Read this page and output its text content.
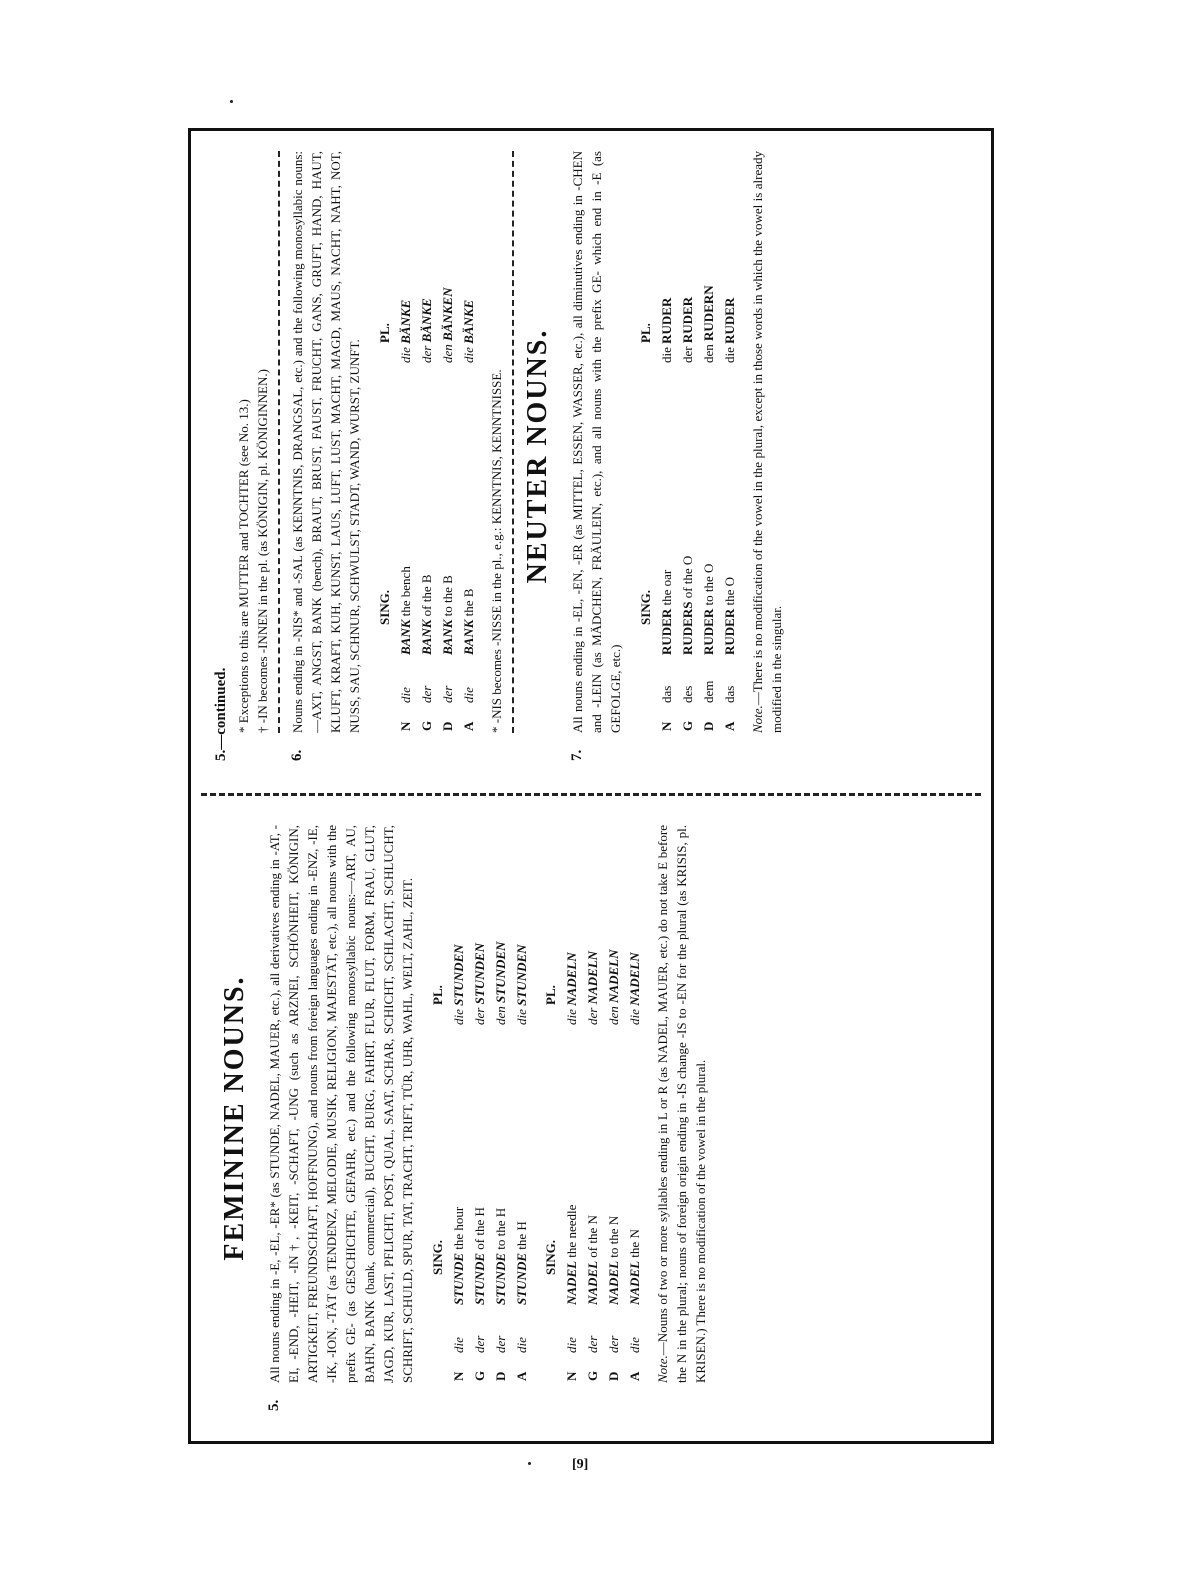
FEMININE NOUNS.
5.
All nouns ending in -E, -EL, -ER* (as STUNDE, NADEL, MAUER, etc.), all derivatives ending in -AT, -EI, -END, -HEIT, -IN†, -KEIT, -SCHAFT, -UNG (such as ARZNEI, SCHÖNHEIT, KÖNIGIN, ARTIGKEIT, FREUNDSCHAFT, HOFFNUNG), and nouns from foreign languages ending in -ENZ, -IE, -IK, -ION, -TÄT (as TENDENZ, MELODIE, MUSIK, RELIGION, MAJESTÄT, etc.), all nouns with the prefix GE- (as GESCHICHTE, GEFAHR, etc.) and the following monosyllabic nouns:—ART, AU, BAHN, BANK (bank, commercial), BUCHT, BURG, FAHRT, FLUR, FLUT, FORM, FRAU, GLUT, JAGD, KUR, LAST, PFLICHT, POST, QUAL, SAAT, SCHAR, SCHICHT, SCHLACHT, SCHLUCHT, SCHRIFT, SCHULD, SPUR, TAT, TRACHT, TRIFT, TÜR, UHR, WAHL, WELT, ZAHL, ZEIT. SING.
PL.
N
die
STUNDE the hour
die STUNDEN
G
der
STUNDE of the H
der STUNDEN
D
der
STUNDE to the H
den STUNDEN
A
die
STUNDE the H
die STUNDEN
SING.
PL.
N
die
NADEL the needle
die NADELN
G
der
NADEL of the N
der NADELN
D
der
NADEL to the N
den NADELN
A
die
NADEL the N
die NADELN
Note.—Nouns of two or more syllables ending in L or R (as NADEL, MAUER, etc.) do not take E before the N in the plural; nouns of foreign origin ending in -IS change -IS to -EN for the plural (as KRISIS, pl. KRISEN.) There is no modification of the vowel in the plural.
5.—continued. * Exceptions to this are MUTTER and TOCHTER (see No. 13.) † -IN becomes -INNEN in the pl. (as KÖNIGIN, pl. KÖNIGINNEN.)
6.
Nouns ending in -NIS* and -SAL (as KENNTNIS, DRANGSAL, etc.) and the following monosyllabic nouns:—AXT, ANGST, BANK (bench), BRAUT, BRUST, FAUST, FRUCHT, GANS, GRUFT, HAND, HAUT, KLUFT, KRAFT, KUH, KUNST, LAUS, LUFT, LUST, MACHT, MAGD, MAUS, NACHT, NAHT, NOT, NUSS, SAU, SCHNUR, SCHWULST, STADT, WAND, WURST, ZUNFT. SING.
PL.
N
die
BANK the bench
die BÄNKE
G
der
BANK of the B
der BÄNKE
D
der
BANK to the B
den BÄNKEN
A
die
BANK the B
die BÄNKE
* -NIS becomes -NISSE in the pl., e.g.: KENNTNIS, KENNTNISSE. NEUTER NOUNS.
7.
All nouns ending in -EL, -EN, -ER (as MITTEL, ESSEN, WASSER, etc.), all diminutives ending in -CHEN and -LEIN (as MÄDCHEN, FRÄULEIN, etc.), and all nouns with the prefix GE- which end in -E (as GEFOLGE, etc.)
SING.
PL.
N
das
RUDER the oar
die RUDER
G
des
RUDERS of the O
der RUDER
D
dem
RUDER to the O
den RUDERN
A
das
RUDER the O
die RUDER
Note.—There is no modification of the vowel in the plural, except in those words in which the vowel is already modified in the singular.
[9]
